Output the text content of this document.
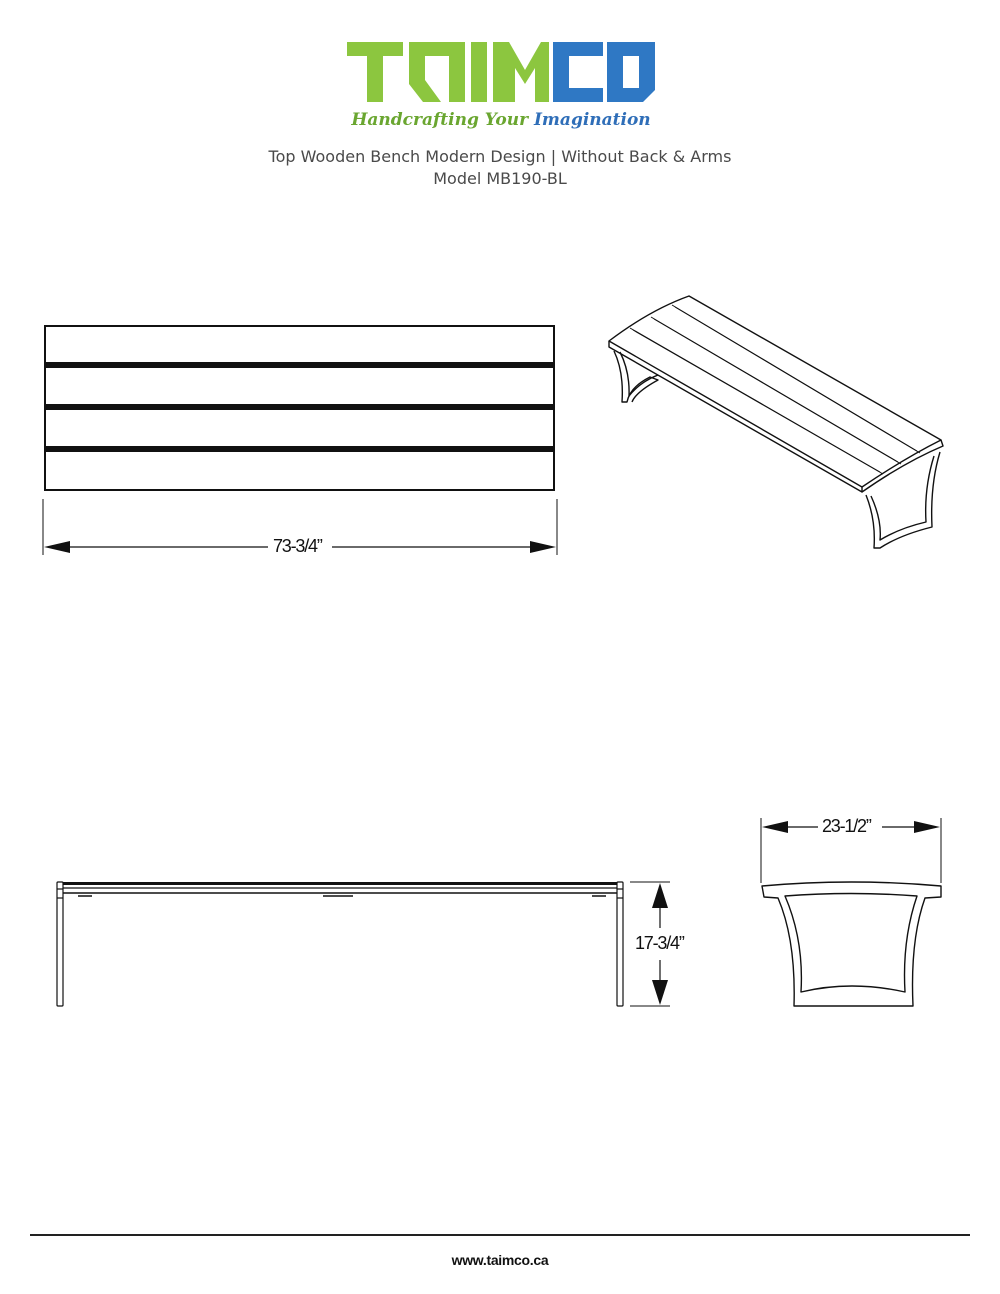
Handcrafting Your Imagination
Top Wooden Bench Modern Design | Without Back & Arms
Model MB190-BL
73-3/4”
17-3/4”
23-1/2”
www.taimco.ca
